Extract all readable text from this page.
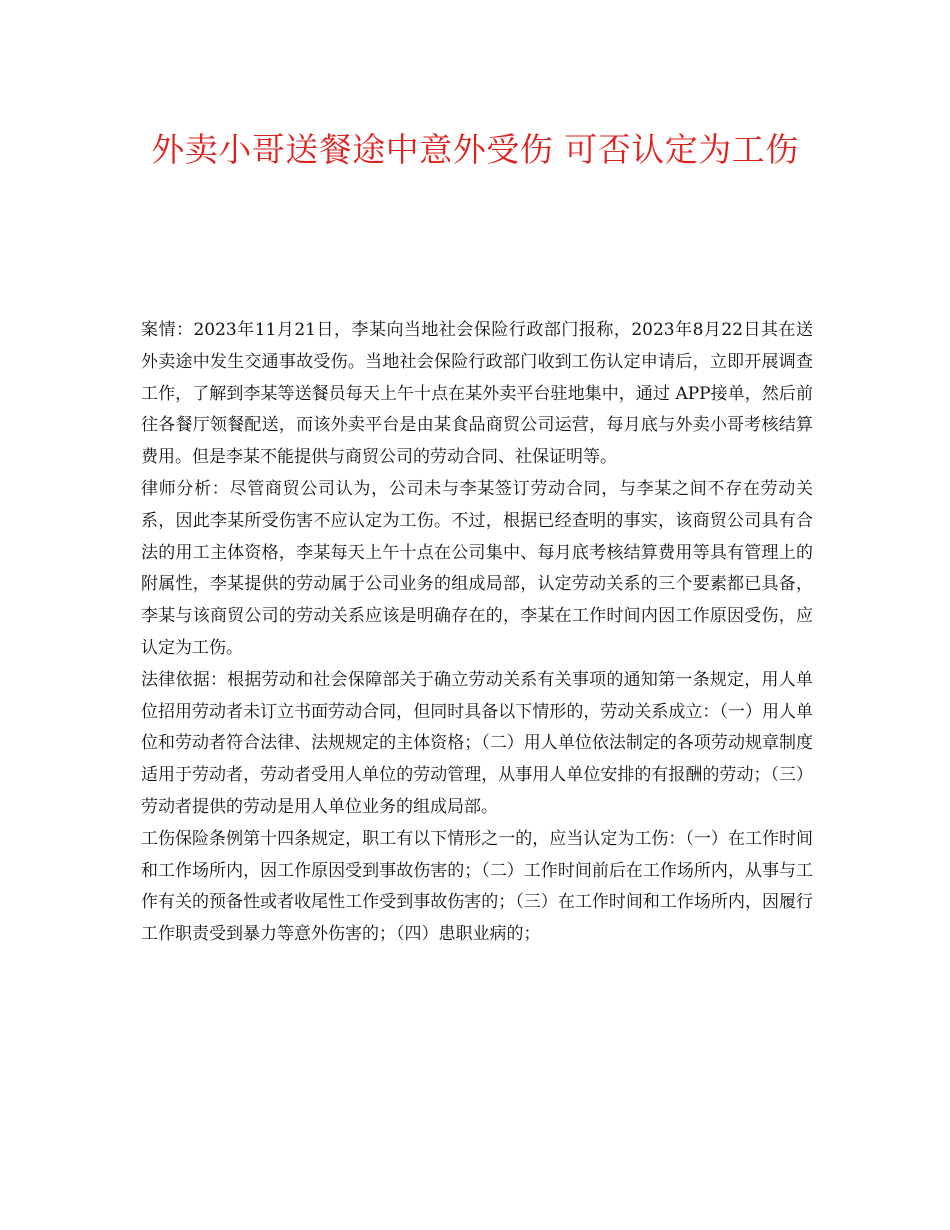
外卖小哥送餐途中意外受伤 可否认定为工伤

案情：2023年11月21日，李某向当地社会保险行政部门报称，2023年8月22日其在送外卖途中发生交通事故受伤。当地社会保险行政部门收到工伤认定申请后，立即开展调查工作，了解到李某等送餐员每天上午十点在某外卖平台驻地集中，通过 APP接单，然后前往各餐厅领餐配送，而该外卖平台是由某食品商贸公司运营，每月底与外卖小哥考核结算费用。但是李某不能提供与商贸公司的劳动合同、社保证明等。

律师分析：尽管商贸公司认为，公司未与李某签订劳动合同，与李某之间不存在劳动关系，因此李某所受伤害不应认定为工伤。不过，根据已经查明的事实，该商贸公司具有合法的用工主体资格，李某每天上午十点在公司集中、每月底考核结算费用等具有管理上的附属性，李某提供的劳动属于公司业务的组成局部，认定劳动关系的三个要素都已具备，李某与该商贸公司的劳动关系应该是明确存在的，李某在工作时间内因工作原因受伤，应认定为工伤。

法律依据：根据劳动和社会保障部关于确立劳动关系有关事项的通知第一条规定，用人单位招用劳动者未订立书面劳动合同，但同时具备以下情形的，劳动关系成立：（一）用人单位和劳动者符合法律、法规规定的主体资格；（二）用人单位依法制定的各项劳动规章制度适用于劳动者，劳动者受用人单位的劳动管理，从事用人单位安排的有报酬的劳动；（三）劳动者提供的劳动是用人单位业务的组成局部。

工伤保险条例第十四条规定，职工有以下情形之一的，应当认定为工伤：（一）在工作时间和工作场所内，因工作原因受到事故伤害的；（二）工作时间前后在工作场所内，从事与工作有关的预备性或者收尾性工作受到事故伤害的；（三）在工作时间和工作场所内，因履行工作职责受到暴力等意外伤害的；（四）患职业病的；
